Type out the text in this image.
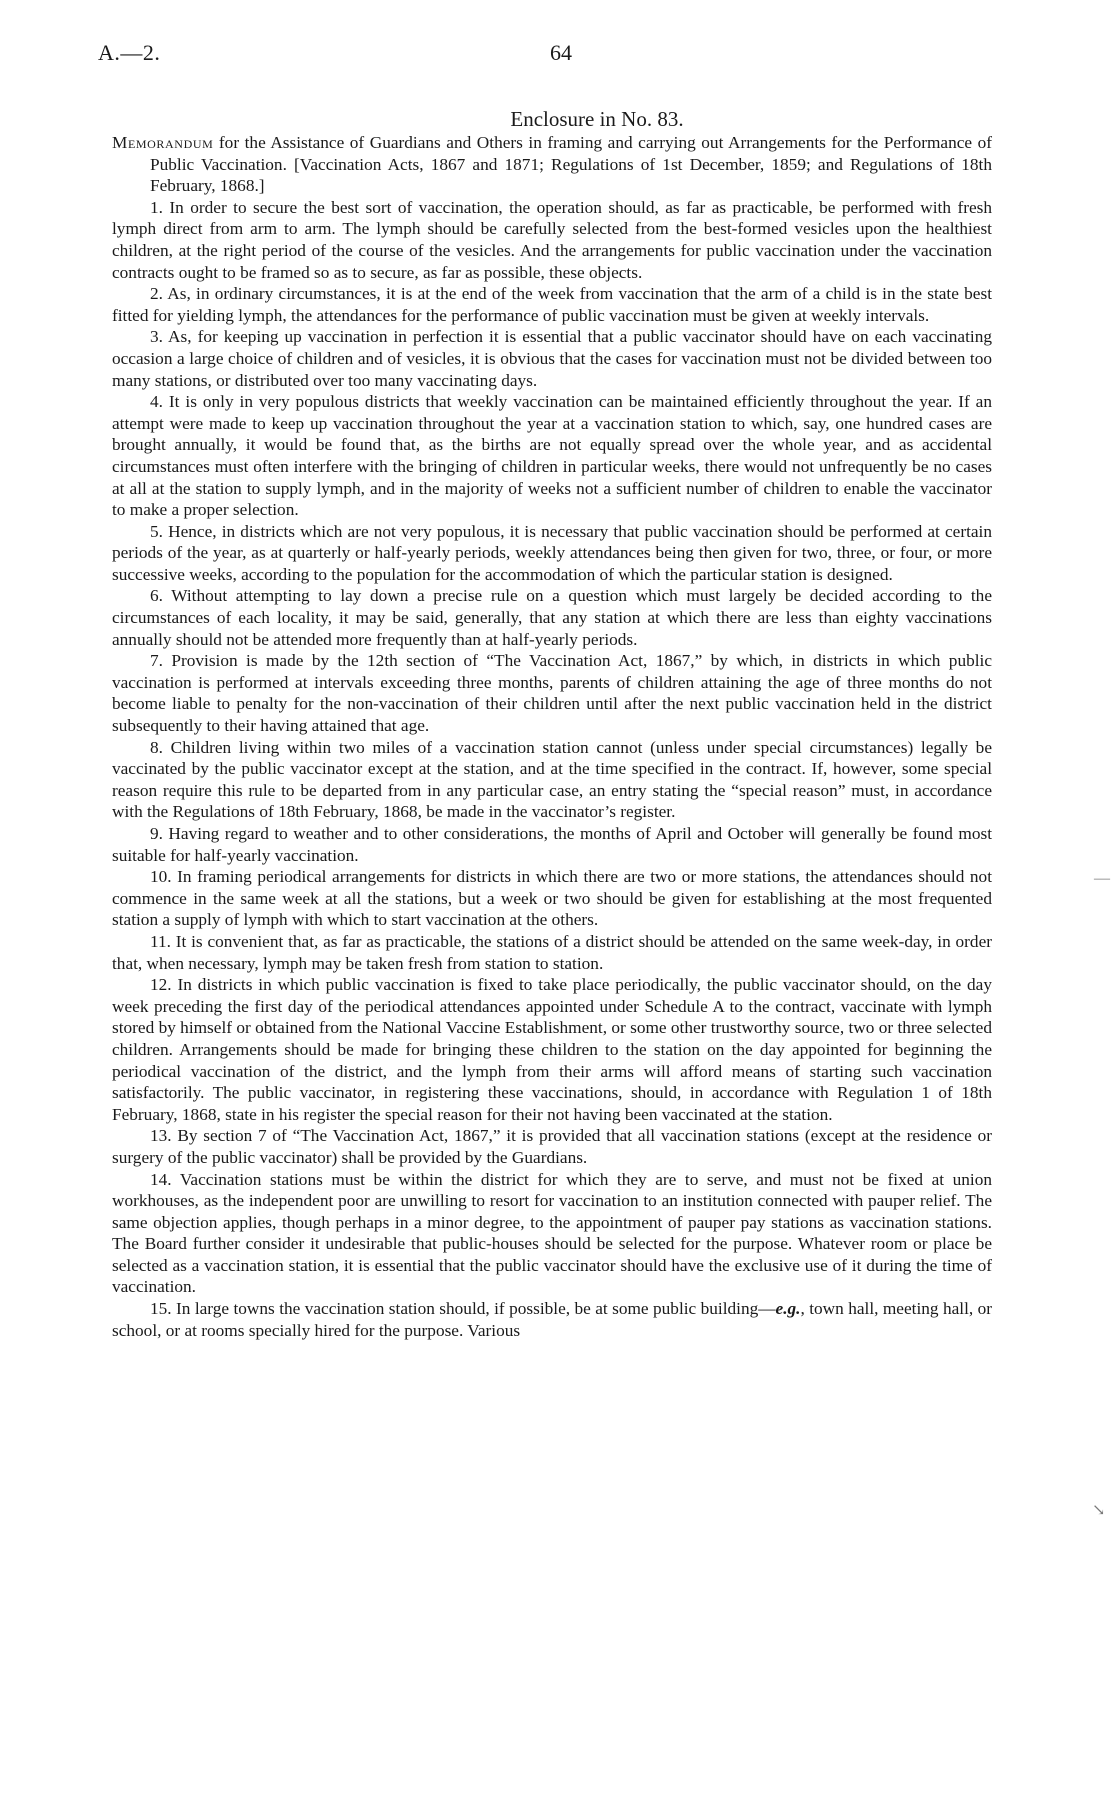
A.—2.	64
Enclosure in No. 83.

Memorandum for the Assistance of Guardians and Others in framing and carrying out Arrangements for the Performance of Public Vaccination. [Vaccination Acts, 1867 and 1871; Regulations of 1st December, 1859; and Regulations of 18th February, 1868.]

1. In order to secure the best sort of vaccination, the operation should, as far as practicable, be performed with fresh lymph direct from arm to arm. The lymph should be carefully selected from the best-formed vesicles upon the healthiest children, at the right period of the course of the vesicles. And the arrangements for public vaccination under the vaccination contracts ought to be framed so as to secure, as far as possible, these objects.

2. As, in ordinary circumstances, it is at the end of the week from vaccination that the arm of a child is in the state best fitted for yielding lymph, the attendances for the performance of public vaccination must be given at weekly intervals.

3. As, for keeping up vaccination in perfection it is essential that a public vaccinator should have on each vaccinating occasion a large choice of children and of vesicles, it is obvious that the cases for vaccination must not be divided between too many stations, or distributed over too many vaccinating days.

4. It is only in very populous districts that weekly vaccination can be maintained efficiently throughout the year. If an attempt were made to keep up vaccination throughout the year at a vaccination station to which, say, one hundred cases are brought annually, it would be found that, as the births are not equally spread over the whole year, and as accidental circumstances must often interfere with the bringing of children in particular weeks, there would not unfrequently be no cases at all at the station to supply lymph, and in the majority of weeks not a sufficient number of children to enable the vaccinator to make a proper selection.

5. Hence, in districts which are not very populous, it is necessary that public vaccination should be performed at certain periods of the year, as at quarterly or half-yearly periods, weekly attendances being then given for two, three, or four, or more successive weeks, according to the population for the accommodation of which the particular station is designed.

6. Without attempting to lay down a precise rule on a question which must largely be decided according to the circumstances of each locality, it may be said, generally, that any station at which there are less than eighty vaccinations annually should not be attended more frequently than at half-yearly periods.

7. Provision is made by the 12th section of “The Vaccination Act, 1867,” by which, in districts in which public vaccination is performed at intervals exceeding three months, parents of children attaining the age of three months do not become liable to penalty for the non-vaccination of their children until after the next public vaccination held in the district subsequently to their having attained that age.

8. Children living within two miles of a vaccination station cannot (unless under special circumstances) legally be vaccinated by the public vaccinator except at the station, and at the time specified in the contract. If, however, some special reason require this rule to be departed from in any particular case, an entry stating the “special reason” must, in accordance with the Regulations of 18th February, 1868, be made in the vaccinator’s register.

9. Having regard to weather and to other considerations, the months of April and October will generally be found most suitable for half-yearly vaccination.

10. In framing periodical arrangements for districts in which there are two or more stations, the attendances should not commence in the same week at all the stations, but a week or two should be given for establishing at the most frequented station a supply of lymph with which to start vaccination at the others.

11. It is convenient that, as far as practicable, the stations of a district should be attended on the same week-day, in order that, when necessary, lymph may be taken fresh from station to station.

12. In districts in which public vaccination is fixed to take place periodically, the public vaccinator should, on the day week preceding the first day of the periodical attendances appointed under Schedule A to the contract, vaccinate with lymph stored by himself or obtained from the National Vaccine Establishment, or some other trustworthy source, two or three selected children. Arrangements should be made for bringing these children to the station on the day appointed for beginning the periodical vaccination of the district, and the lymph from their arms will afford means of starting such vaccination satisfactorily. The public vaccinator, in registering these vaccinations, should, in accordance with Regulation 1 of 18th February, 1868, state in his register the special reason for their not having been vaccinated at the station.

13. By section 7 of “The Vaccination Act, 1867,” it is provided that all vaccination stations (except at the residence or surgery of the public vaccinator) shall be provided by the Guardians.

14. Vaccination stations must be within the district for which they are to serve, and must not be fixed at union workhouses, as the independent poor are unwilling to resort for vaccination to an institution connected with pauper relief. The same objection applies, though perhaps in a minor degree, to the appointment of pauper pay stations as vaccination stations. The Board further consider it undesirable that public-houses should be selected for the purpose. Whatever room or place be selected as a vaccination station, it is essential that the public vaccinator should have the exclusive use of it during the time of vaccination.

15. In large towns the vaccination station should, if possible, be at some public building—e.g., town hall, meeting hall, or school, or at rooms specially hired for the purpose. Various

—
↘
